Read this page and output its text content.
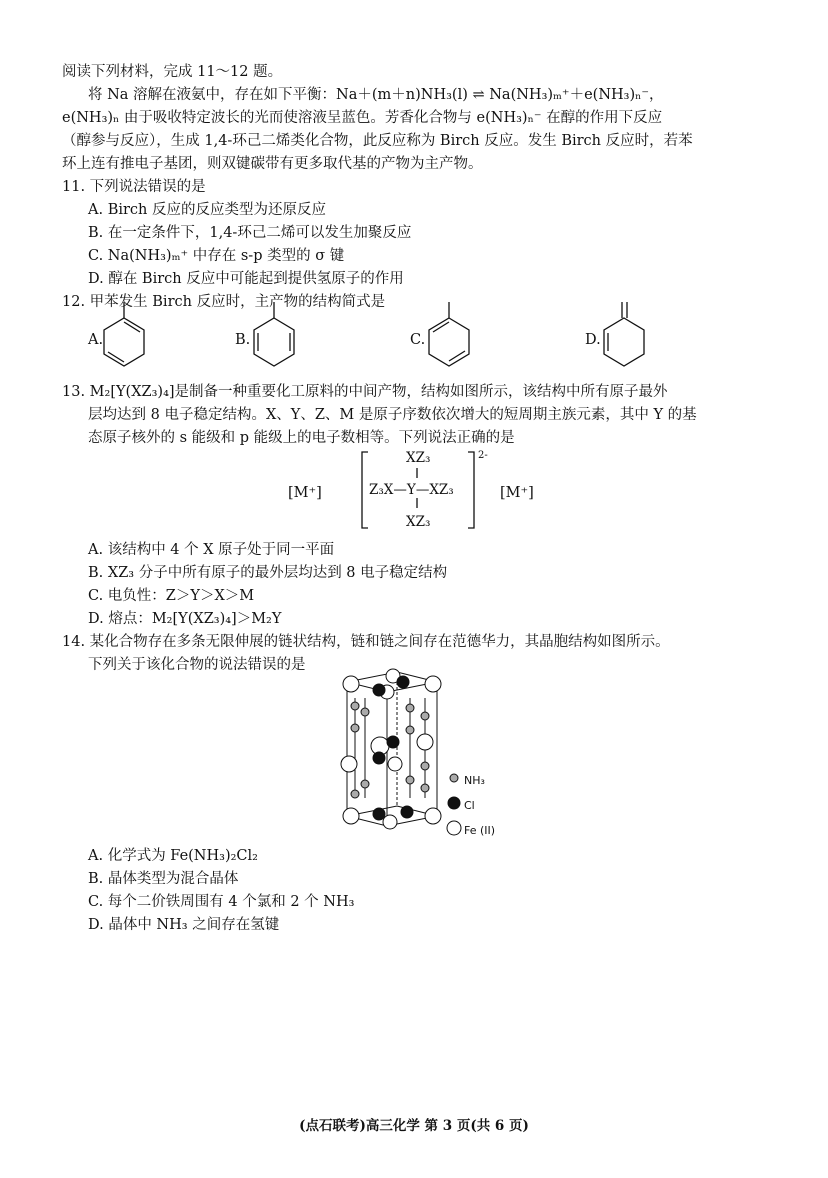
阅读下列材料，完成 11～12 题。
将 Na 溶解在液氨中，存在如下平衡：Na＋(m＋n)NH₃(l) ⇌ Na(NH₃)ₘ⁺＋e(NH₃)ₙ⁻，
e(NH₃)ₙ 由于吸收特定波长的光而使溶液呈蓝色。芳香化合物与 e(NH₃)ₙ⁻ 在醇的作用下反应
（醇参与反应），生成 1,4-环己二烯类化合物，此反应称为 Birch 反应。发生 Birch 反应时，若苯
环上连有推电子基团，则双键碳带有更多取代基的产物为主产物。
11. 下列说法错误的是
A. Birch 反应的反应类型为还原反应
B. 在一定条件下，1,4-环己二烯可以发生加聚反应
C. Na(NH₃)ₘ⁺ 中存在 s-p 类型的 σ 键
D. 醇在 Birch 反应中可能起到提供氢原子的作用
12. 甲苯发生 Birch 反应时，主产物的结构简式是
A.	B.	C.	D.
13. M₂[Y(XZ₃)₄]是制备一种重要化工原料的中间产物，结构如图所示，该结构中所有原子最外
层均达到 8 电子稳定结构。X、Y、Z、M 是原子序数依次增大的短周期主族元素，其中 Y 的基
态原子核外的 s 能级和 p 能级上的电子数相等。下列说法正确的是
[M⁺]	[M⁺]
XZ₃
Z₃X—Y—XZ₃
XZ₃
2-
A. 该结构中 4 个 X 原子处于同一平面
B. XZ₃ 分子中所有原子的最外层均达到 8 电子稳定结构
C. 电负性：Z＞Y＞X＞M
D. 熔点：M₂[Y(XZ₃)₄]＞M₂Y
14. 某化合物存在多条无限伸展的链状结构，链和链之间存在范德华力，其晶胞结构如图所示。
下列关于该化合物的说法错误的是
NH₃
Cl
Fe (II)
A. 化学式为 Fe(NH₃)₂Cl₂
B. 晶体类型为混合晶体
C. 每个二价铁周围有 4 个氯和 2 个 NH₃
D. 晶体中 NH₃ 之间存在氢键
(点石联考)高三化学 第 3 页(共 6 页)
